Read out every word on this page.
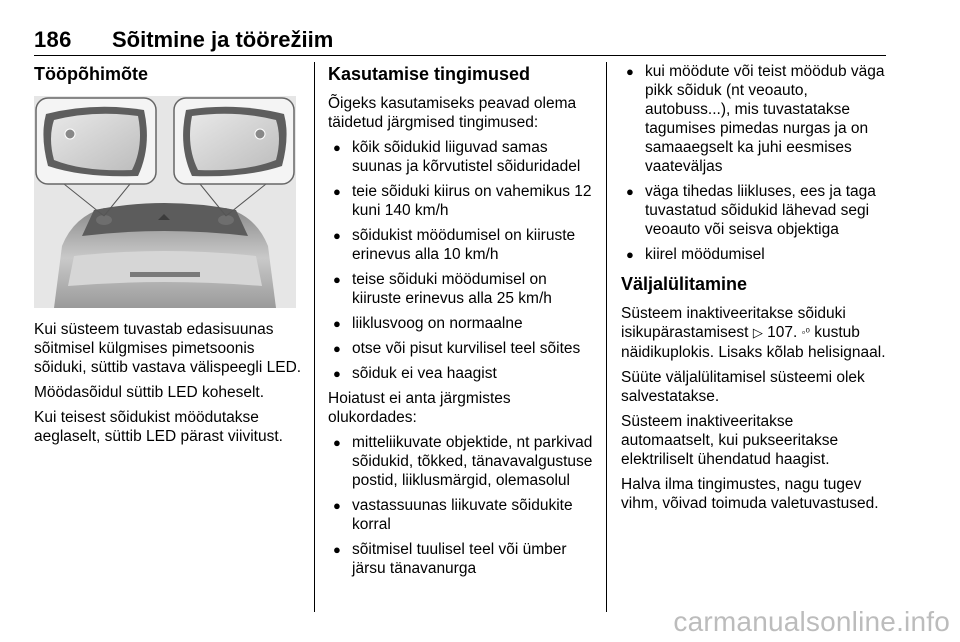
186 Sõitmine ja töörežiim
Tööpõhimõte

Kui süsteem tuvastab edasisuunas sõitmisel külgmises pimetsoonis sõiduki, süttib vastava välispeegli LED.

Möödasõidul süttib LED koheselt.

Kui teisest sõidukist möödutakse aeglaselt, süttib LED pärast viivitust.

Kasutamise tingimused

Õigeks kasutamiseks peavad olema täidetud järgmised tingimused:

● kõik sõidukid liiguvad samas suunas ja kõrvutistel sõiduridadel
● teie sõiduki kiirus on vahemikus 12 kuni 140 km/h
● sõidukist möödumisel on kiiruste erinevus alla 10 km/h
● teise sõiduki möödumisel on kiiruste erinevus alla 25 km/h
● liiklusvoog on normaalne
● otse või pisut kurvilisel teel sõites
● sõiduk ei vea haagist

Hoiatust ei anta järgmistes olukordades:

● mitteliikuvate objektide, nt parkivad sõidukid, tõkked, tänavavalgustuse postid, liiklusmärgid, olemasolul
● vastassuunas liikuvate sõidukite korral
● sõitmisel tuulisel teel või ümber järsu tänavanurga
● kui möödute või teist möödub väga pikk sõiduk (nt veoauto, autobuss...), mis tuvastatakse tagumises pimedas nurgas ja on samaaegselt ka juhi eesmises vaateväljas
● väga tihedas liikluses, ees ja taga tuvastatud sõidukid lähevad segi veoauto või seisva objektiga
● kiirel möödumisel
Väljalülitamine

Süsteem inaktiveeritakse sõiduki isikupärastamisest ▷ 107. ◦⁰ kustub näidikuplokis. Lisaks kõlab helisignaal.

Süüte väljalülitamisel süsteemi olek salvestatakse.

Süsteem inaktiveeritakse automaatselt, kui pukseeritakse elektriliselt ühendatud haagist.

Halva ilma tingimustes, nagu tugev vihm, võivad toimuda valetuvastused.

carmanualsonline.info
